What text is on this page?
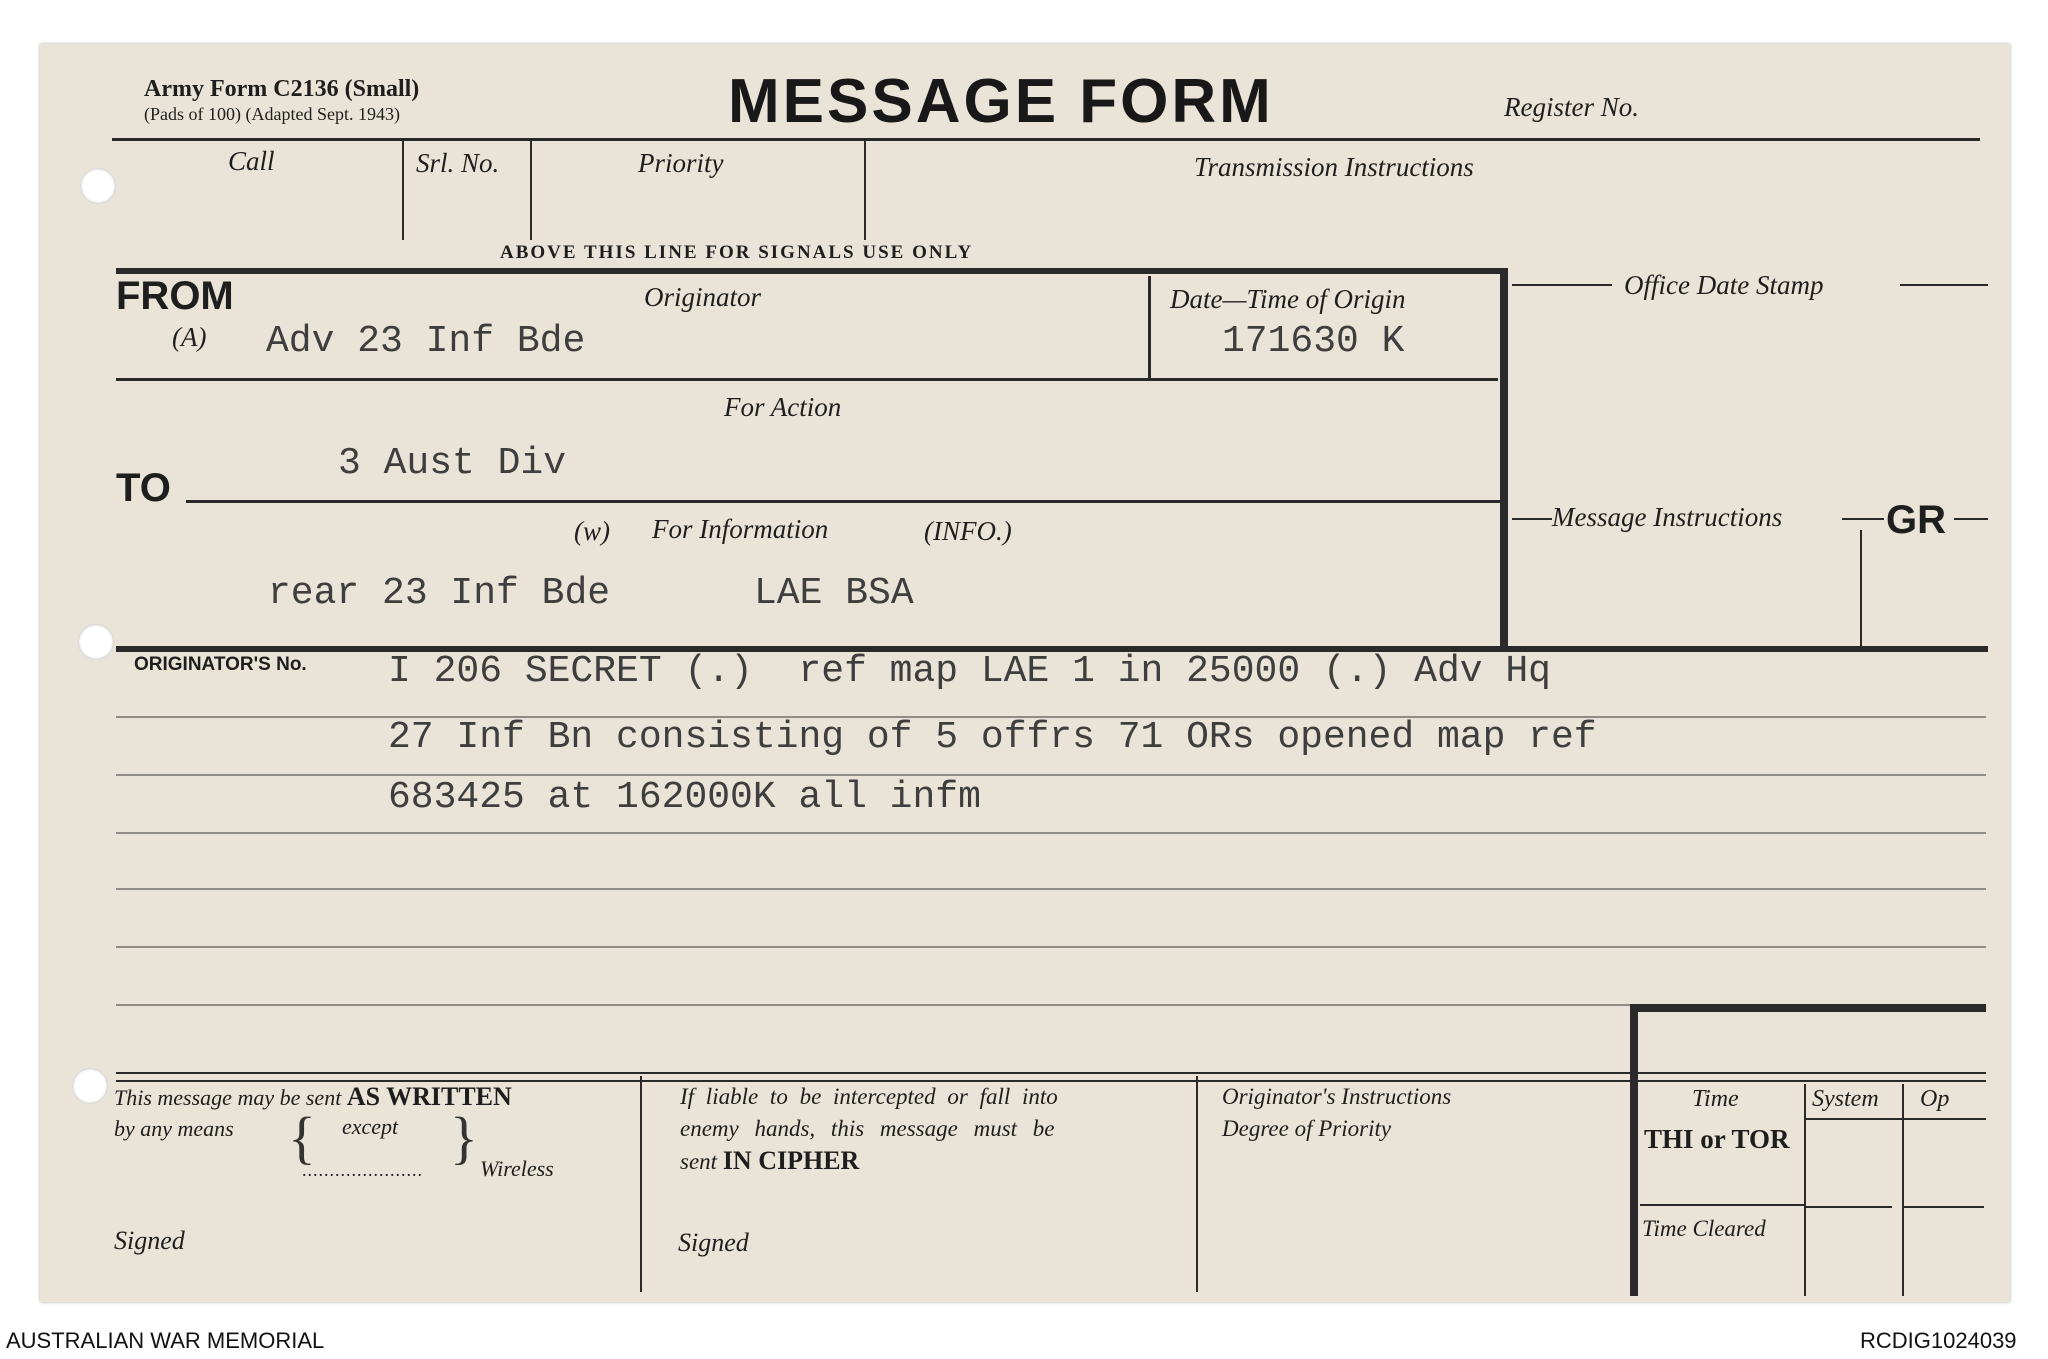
Army Form C2136 (Small)
(Pads of 100) (Adapted Sept. 1943)	MESSAGE FORM	Register No.
Call	Srl. No.	Priority	Transmission Instructions
ABOVE THIS LINE FOR SIGNALS USE ONLY
FROM
(A)
Originator
Adv 23 Inf Bde
Date—Time of Origin
171630 K
Office Date Stamp
Message Instructions	GR
For Action
TO
3 Aust Div
(w) For Information	(INFO.)
rear 23 Inf Bde	LAE BSA
ORIGINATOR'S No. I 206 SECRET (.)  ref map LAE 1 in 25000 (.) Adv Hq
27 Inf Bn consisting of 5 offrs 71 ORs opened map ref
683425 at 162000K all infm
This message may be sent AS WRITTEN
by any means { except
...................... } Wireless
Signed
If liable to be intercepted or fall into
enemy hands, this message must be
sent IN CIPHER
Signed
Originator's Instructions
Degree of Priority
Time	System Op
THI or TOR
Time Cleared
AUSTRALIAN WAR MEMORIAL	RCDIG1024039
